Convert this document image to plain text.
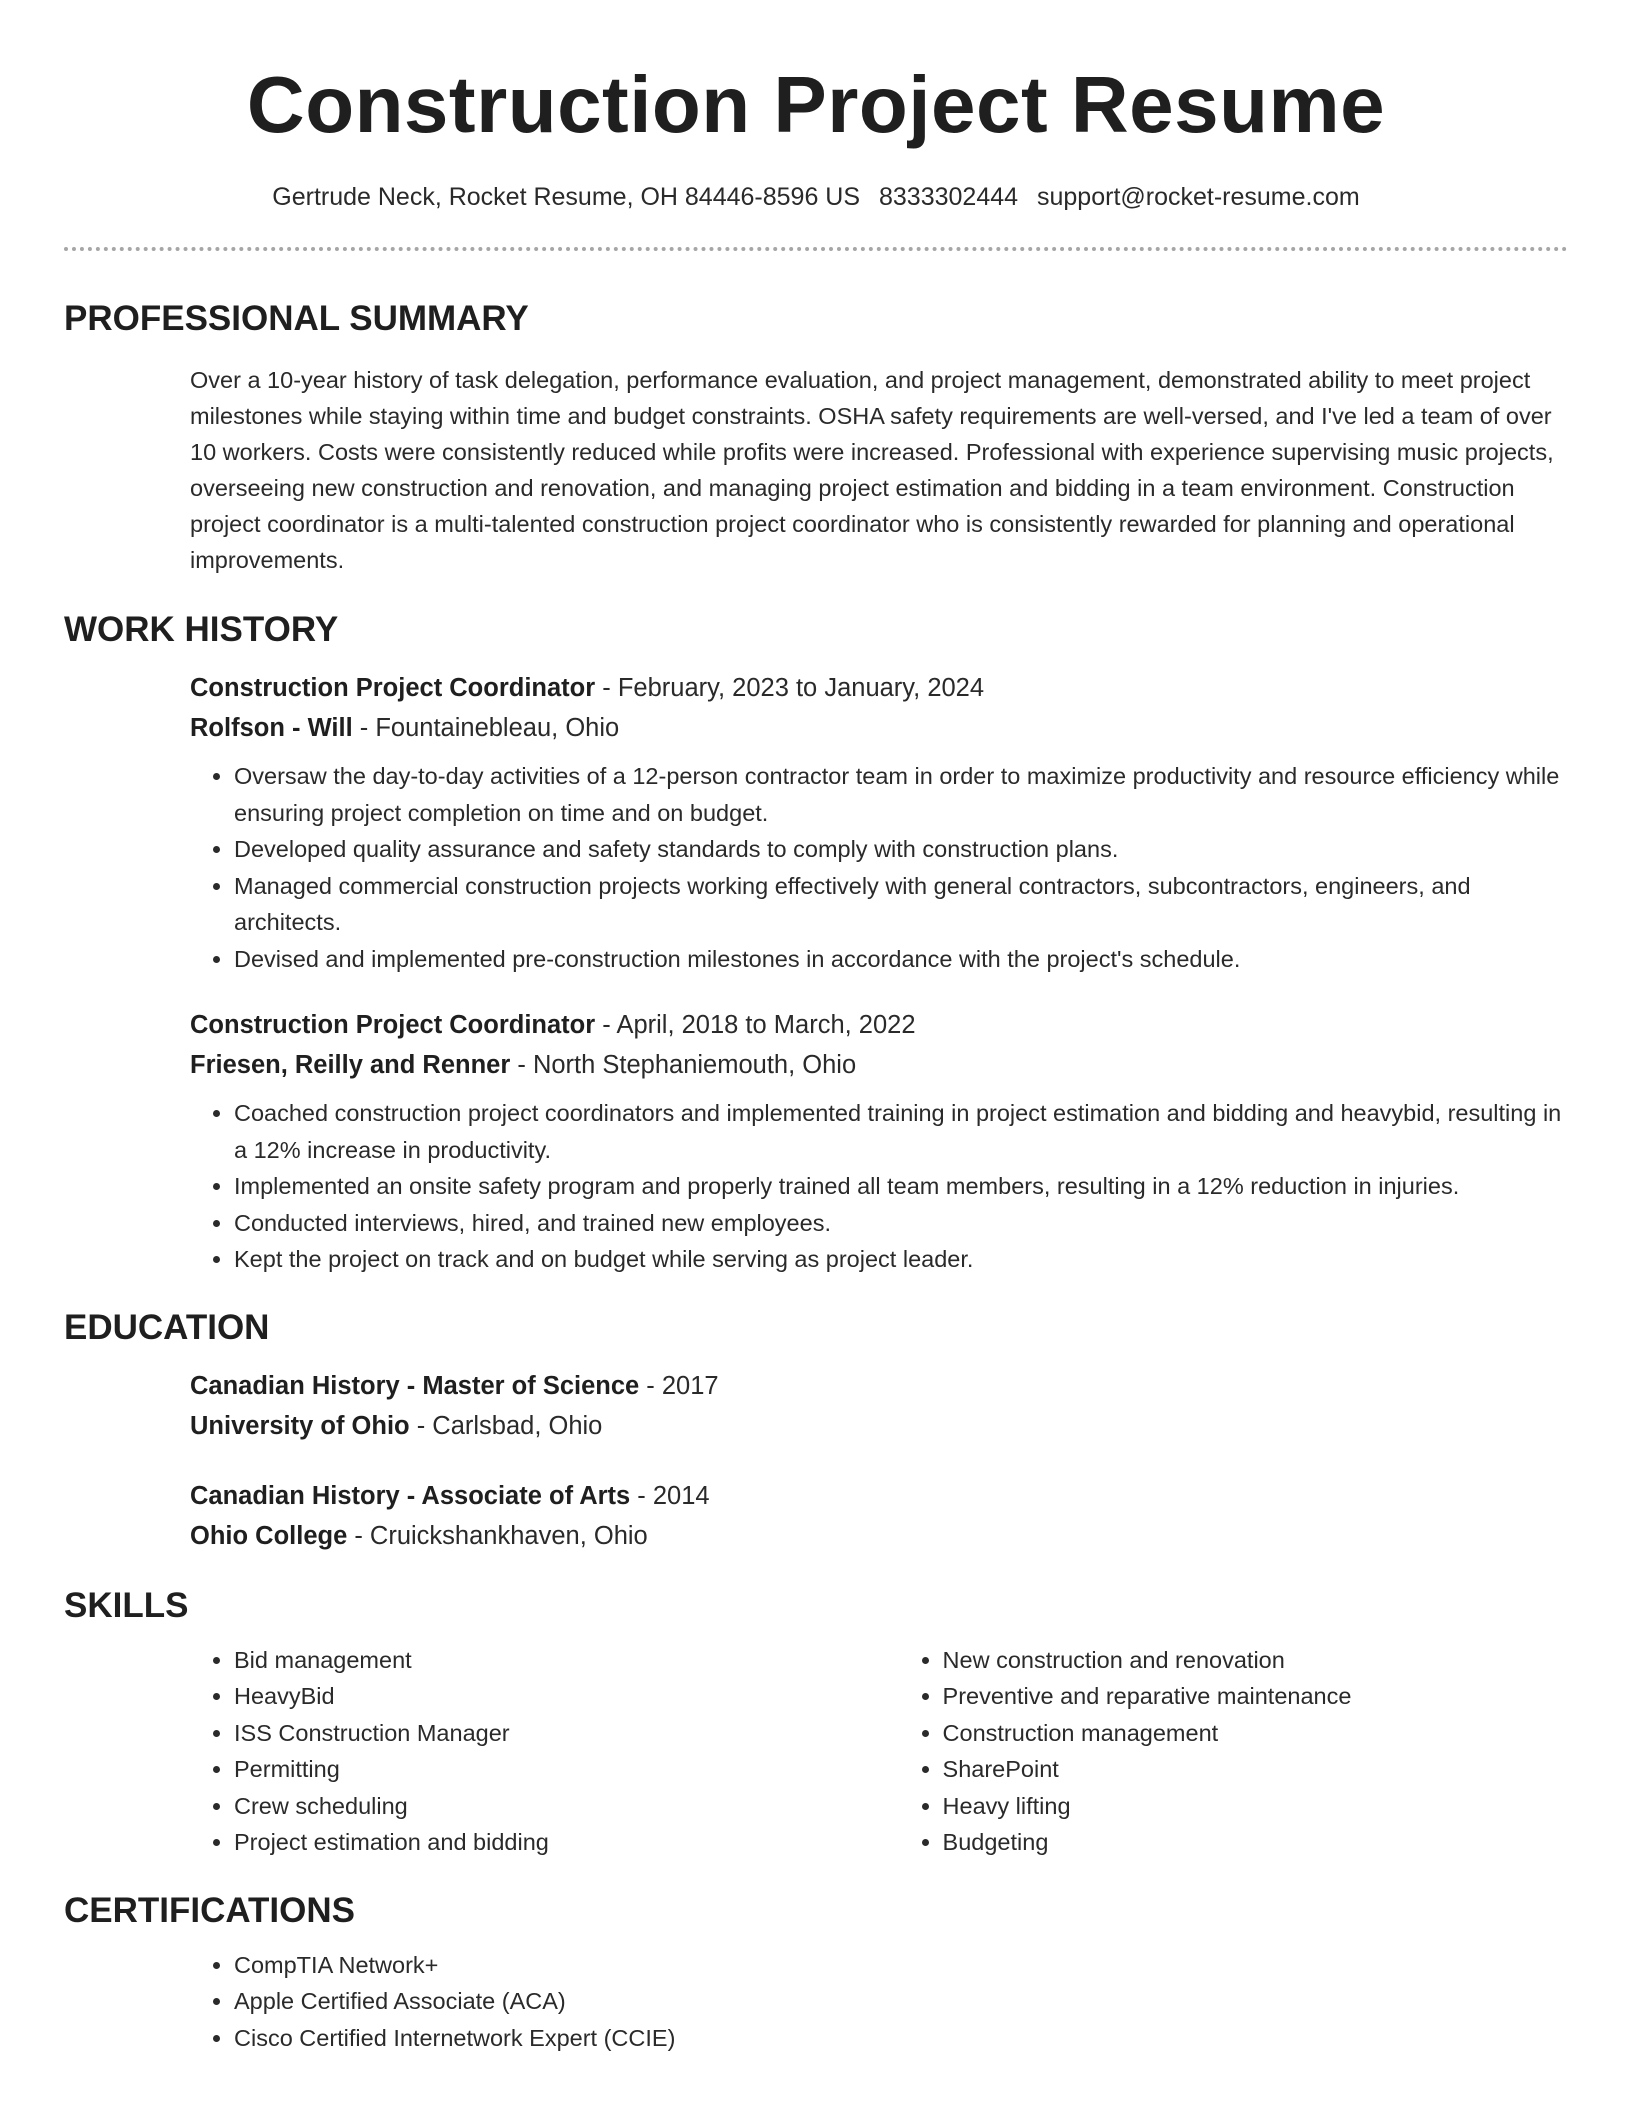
Construction Project Resume
Gertrude Neck, Rocket Resume, OH 84446-8596 US 8333302444 support@rocket-resume.com
PROFESSIONAL SUMMARY

Over a 10-year history of task delegation, performance evaluation, and project management, demonstrated ability to meet project milestones while staying within time and budget constraints. OSHA safety requirements are well-versed, and I've led a team of over 10 workers. Costs were consistently reduced while profits were increased. Professional with experience supervising music projects, overseeing new construction and renovation, and managing project estimation and bidding in a team environment. Construction project coordinator is a multi-talented construction project coordinator who is consistently rewarded for planning and operational improvements.

WORK HISTORY

Construction Project Coordinator - February, 2023 to January, 2024

Rolfson - Will - Fountainebleau, Ohio

• Oversaw the day-to-day activities of a 12-person contractor team in order to maximize productivity and resource efficiency while ensuring project completion on time and on budget.
• Developed quality assurance and safety standards to comply with construction plans.
• Managed commercial construction projects working effectively with general contractors, subcontractors, engineers, and architects.
• Devised and implemented pre-construction milestones in accordance with the project's schedule.

Construction Project Coordinator - April, 2018 to March, 2022

Friesen, Reilly and Renner - North Stephaniemouth, Ohio

• Coached construction project coordinators and implemented training in project estimation and bidding and heavybid, resulting in a 12% increase in productivity.
• Implemented an onsite safety program and properly trained all team members, resulting in a 12% reduction in injuries.
• Conducted interviews, hired, and trained new employees.
• Kept the project on track and on budget while serving as project leader.
EDUCATION

Canadian History - Master of Science - 2017

University of Ohio - Carlsbad, Ohio

Canadian History - Associate of Arts - 2014

Ohio College - Cruickshankhaven, Ohio

SKILLS
• Bid management
• HeavyBid
• ISS Construction Manager
• Permitting
• Crew scheduling
• Project estimation and bidding
• New construction and renovation
• Preventive and reparative maintenance
• Construction management
• SharePoint
• Heavy lifting
• Budgeting
CERTIFICATIONS
• CompTIA Network+
• Apple Certified Associate (ACA)
• Cisco Certified Internetwork Expert (CCIE)
